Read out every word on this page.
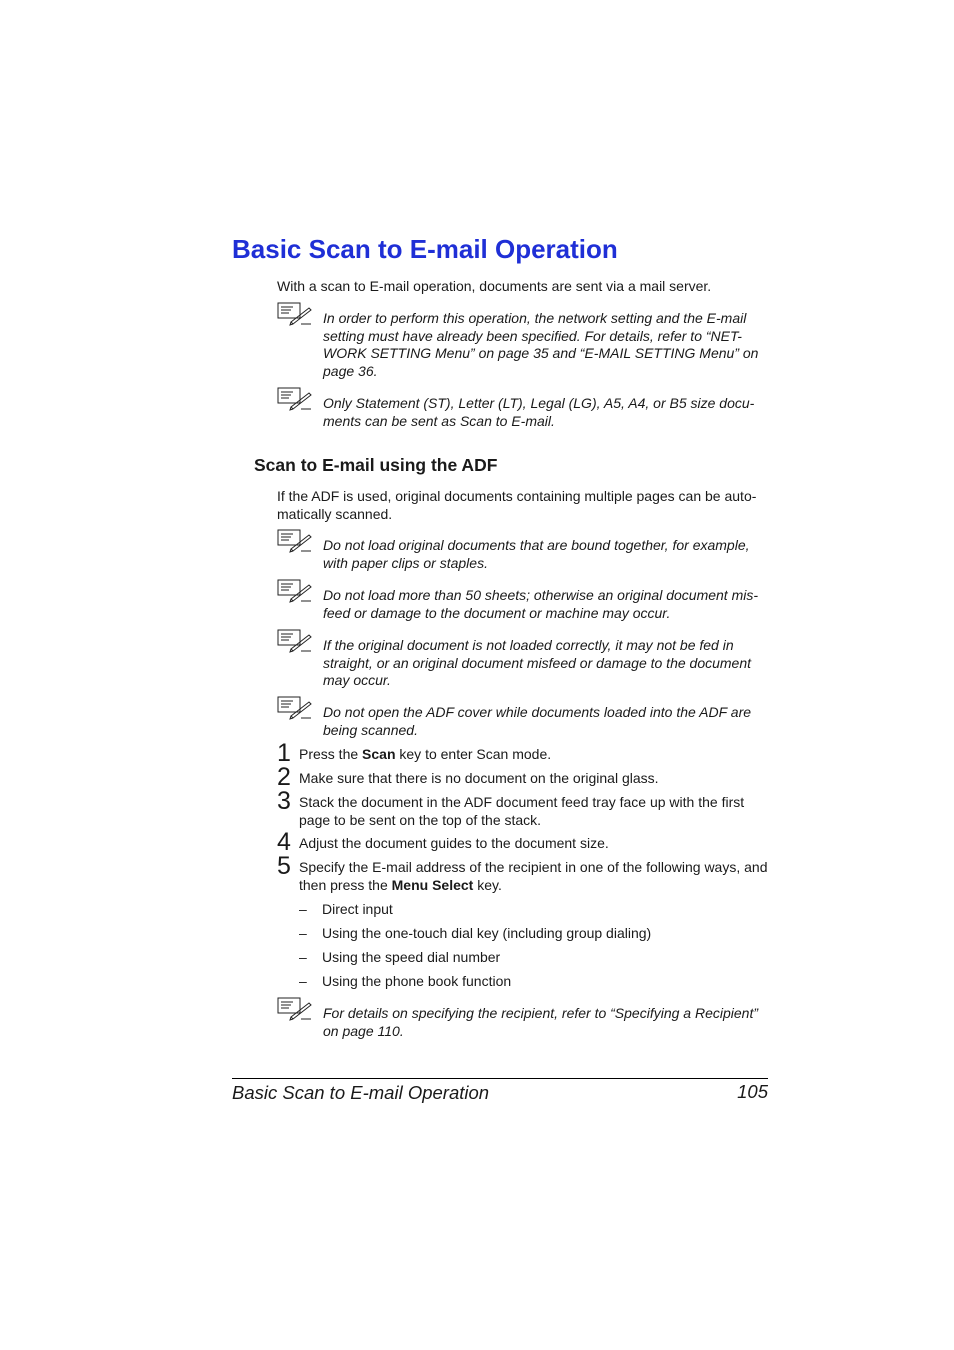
Basic Scan to E-mail Operation
With a scan to E-mail operation, documents are sent via a mail server.
In order to perform this operation, the network setting and the E-mail setting must have already been specified. For details, refer to “NET-WORK SETTING Menu” on page 35 and “E-MAIL SETTING Menu” on page 36.
Only Statement (ST), Letter (LT), Legal (LG), A5, A4, or B5 size docu-ments can be sent as Scan to E-mail.
Scan to E-mail using the ADF
If the ADF is used, original documents containing multiple pages can be auto-matically scanned.
Do not load original documents that are bound together, for example, with paper clips or staples.
Do not load more than 50 sheets; otherwise an original document mis-feed or damage to the document or machine may occur.
If the original document is not loaded correctly, it may not be fed in straight, or an original document misfeed or damage to the document may occur.
Do not open the ADF cover while documents loaded into the ADF are being scanned.
1 Press the Scan key to enter Scan mode.
2 Make sure that there is no document on the original glass.
3 Stack the document in the ADF document feed tray face up with the first page to be sent on the top of the stack.
4 Adjust the document guides to the document size.
5 Specify the E-mail address of the recipient in one of the following ways, and then press the Menu Select key.
– Direct input
– Using the one-touch dial key (including group dialing)
– Using the speed dial number
– Using the phone book function
For details on specifying the recipient, refer to “Specifying a Recipient” on page 110.
Basic Scan to E-mail Operation	105
